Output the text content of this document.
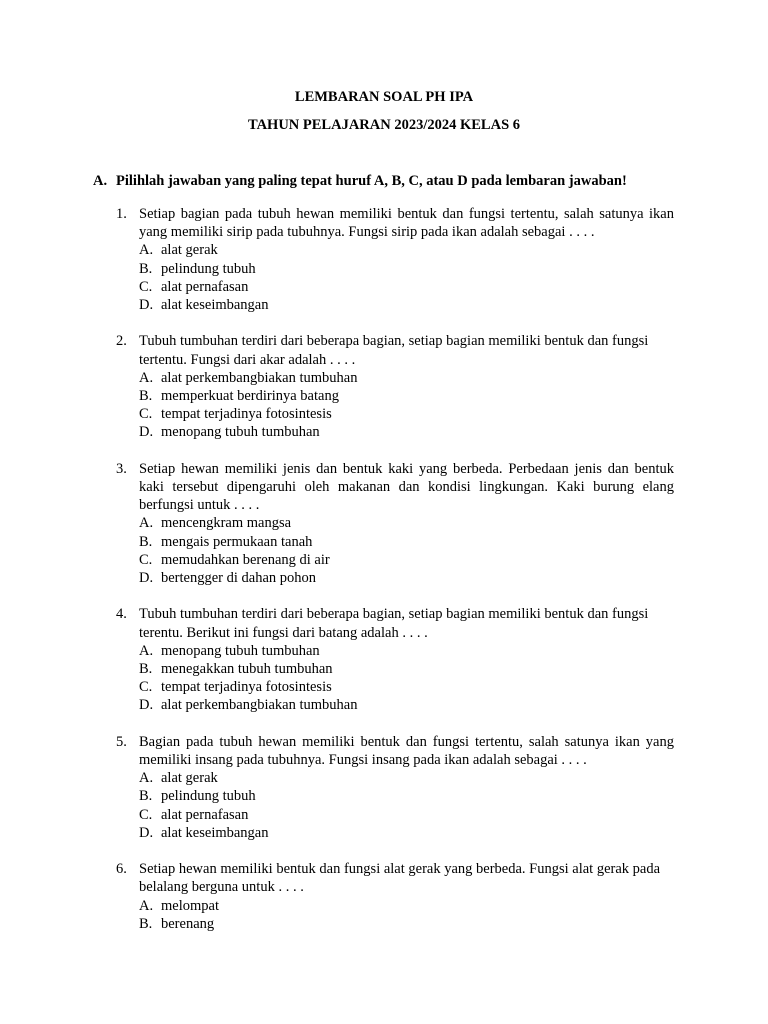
LEMBARAN SOAL PH IPA
TAHUN PELAJARAN 2023/2024 KELAS 6
A. Pilihlah jawaban yang paling tepat huruf A, B, C, atau D pada lembaran jawaban!
1. Setiap bagian pada tubuh hewan memiliki bentuk dan fungsi tertentu, salah satunya ikan yang memiliki sirip pada tubuhnya. Fungsi sirip pada ikan adalah sebagai . . . .
A. alat gerak
B. pelindung tubuh
C. alat pernafasan
D. alat keseimbangan
2. Tubuh tumbuhan terdiri dari beberapa bagian, setiap bagian memiliki bentuk dan fungsi tertentu. Fungsi dari akar adalah . . . .
A. alat perkembangbiakan tumbuhan
B. memperkuat berdirinya batang
C. tempat terjadinya fotosintesis
D. menopang tubuh tumbuhan
3. Setiap hewan memiliki jenis dan bentuk kaki yang berbeda. Perbedaan jenis dan bentuk kaki tersebut dipengaruhi oleh makanan dan kondisi lingkungan. Kaki burung elang berfungsi untuk . . . .
A. mencengkram mangsa
B. mengais permukaan tanah
C. memudahkan berenang di air
D. bertengger di dahan pohon
4. Tubuh tumbuhan terdiri dari beberapa bagian, setiap bagian memiliki bentuk dan fungsi terentu. Berikut ini fungsi dari batang adalah . . . .
A. menopang tubuh tumbuhan
B. menegakkan tubuh tumbuhan
C. tempat terjadinya fotosintesis
D. alat perkembangbiakan tumbuhan
5. Bagian pada tubuh hewan memiliki bentuk dan fungsi tertentu, salah satunya ikan yang memiliki insang pada tubuhnya. Fungsi insang pada ikan adalah sebagai . . . .
A. alat gerak
B. pelindung tubuh
C. alat pernafasan
D. alat keseimbangan
6. Setiap hewan memiliki bentuk dan fungsi alat gerak yang berbeda. Fungsi alat gerak pada belalang berguna untuk . . . .
A. melompat
B. berenang
